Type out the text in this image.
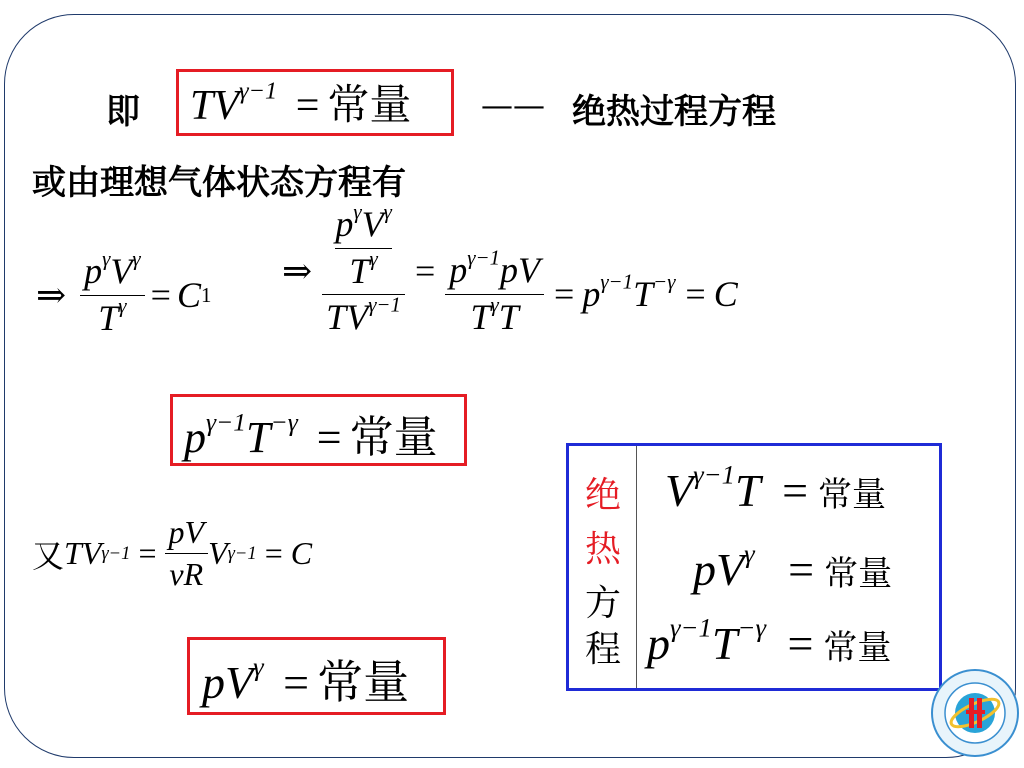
即 $TV^{\gamma-1}$ = 常量 —— 绝热过程方程
或由理想气体状态方程有
⇒ $\frac{p^\gamma V^\gamma}{T^\gamma} = C$ 1
⇒ $p^\gamma V^\gamma$
$T^\gamma$
$TV^{\gamma-1} = \frac{p^{\gamma-1}pV}{T^\gamma T} = p^{\gamma-1}T^{-\gamma} = C$
$p^{\gamma-1}T^{-\gamma}$ = 常量
又 T V $\gamma-1 = \frac{pV}{\nu R}$ V γ−1 = C
$pV^\gamma$ = 常量
绝
热
方
程
$V^{\gamma-1}T$ = 常量
$pV^\gamma$ = 常量
$p^{\gamma-1}T^{-\gamma}$ = 常量
